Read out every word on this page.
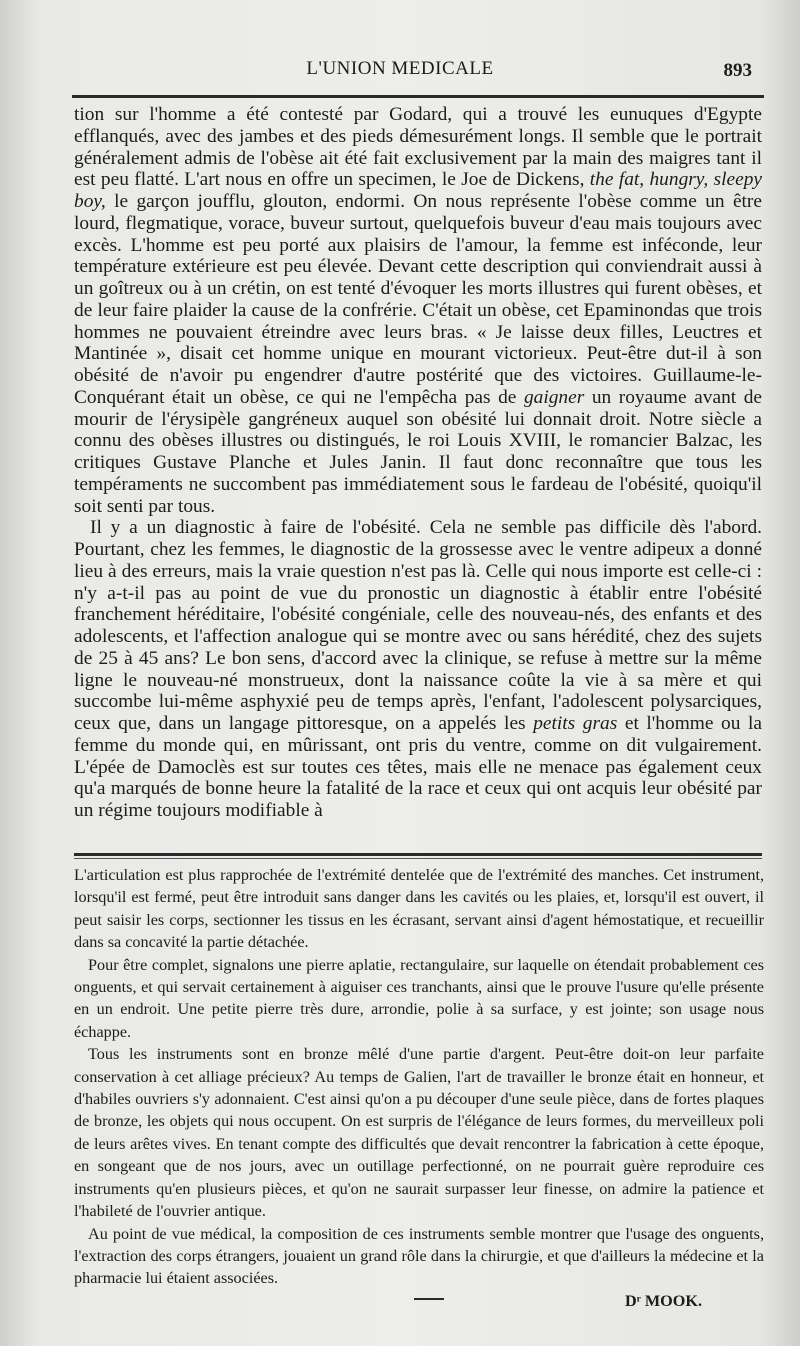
L'UNION MEDICALE	893

tion sur l'homme a été contesté par Godard, qui a trouvé les eunuques d'Egypte efflanqués, avec des jambes et des pieds démesurément longs. Il semble que le portrait généralement admis de l'obèse ait été fait exclusivement par la main des maigres tant il est peu flatté. L'art nous en offre un specimen, le Joe de Dickens, the fat, hungry, sleepy boy, le garçon joufflu, glouton, endormi. On nous représente l'obèse comme un être lourd, flegmatique, vorace, buveur surtout, quelquefois buveur d'eau mais toujours avec excès. L'homme est peu porté aux plaisirs de l'amour, la femme est inféconde, leur température extérieure est peu élevée. Devant cette description qui conviendrait aussi à un goîtreux ou à un crétin, on est tenté d'évoquer les morts illustres qui furent obèses, et de leur faire plaider la cause de la confrérie. C'était un obèse, cet Epaminondas que trois hommes ne pouvaient étreindre avec leurs bras. « Je laisse deux filles, Leuctres et Mantinée », disait cet homme unique en mourant victorieux. Peut-être dut-il à son obésité de n'avoir pu engendrer d'autre postérité que des victoires. Guillaume-le-Conquérant était un obèse, ce qui ne l'empêcha pas de gaigner un royaume avant de mourir de l'érysipèle gangréneux auquel son obésité lui donnait droit. Notre siècle a connu des obèses illustres ou distingués, le roi Louis XVIII, le romancier Balzac, les critiques Gustave Planche et Jules Janin. Il faut donc reconnaître que tous les tempéraments ne succombent pas immédiatement sous le fardeau de l'obésité, quoiqu'il soit senti par tous.

Il y a un diagnostic à faire de l'obésité. Cela ne semble pas difficile dès l'abord. Pourtant, chez les femmes, le diagnostic de la grossesse avec le ventre adipeux a donné lieu à des erreurs, mais la vraie question n'est pas là. Celle qui nous importe est celle-ci : n'y a-t-il pas au point de vue du pronostic un diagnostic à établir entre l'obésité franchement héréditaire, l'obésité congéniale, celle des nouveau-nés, des enfants et des adolescents, et l'affection analogue qui se montre avec ou sans hérédité, chez des sujets de 25 à 45 ans? Le bon sens, d'accord avec la clinique, se refuse à mettre sur la même ligne le nouveau-né monstrueux, dont la naissance coûte la vie à sa mère et qui succombe lui-même asphyxié peu de temps après, l'enfant, l'adolescent polysarciques, ceux que, dans un langage pittoresque, on a appelés les petits gras et l'homme ou la femme du monde qui, en mûrissant, ont pris du ventre, comme on dit vulgairement. L'épée de Damoclès est sur toutes ces têtes, mais elle ne menace pas également ceux qu'a marqués de bonne heure la fatalité de la race et ceux qui ont acquis leur obésité par un régime toujours modifiable à

L'articulation est plus rapprochée de l'extrémité dentelée que de l'extrémité des manches. Cet instrument, lorsqu'il est fermé, peut être introduit sans danger dans les cavités ou les plaies, et, lorsqu'il est ouvert, il peut saisir les corps, sectionner les tissus en les écrasant, servant ainsi d'agent hémostatique, et recueillir dans sa concavité la partie détachée.

Pour être complet, signalons une pierre aplatie, rectangulaire, sur laquelle on étendait probablement ces onguents, et qui servait certainement à aiguiser ces tranchants, ainsi que le prouve l'usure qu'elle présente en un endroit. Une petite pierre très dure, arrondie, polie à sa surface, y est jointe; son usage nous échappe.

Tous les instruments sont en bronze mêlé d'une partie d'argent. Peut-être doit-on leur parfaite conservation à cet alliage précieux? Au temps de Galien, l'art de travailler le bronze était en honneur, et d'habiles ouvriers s'y adonnaient. C'est ainsi qu'on a pu découper d'une seule pièce, dans de fortes plaques de bronze, les objets qui nous occupent. On est surpris de l'élégance de leurs formes, du merveilleux poli de leurs arêtes vives. En tenant compte des difficultés que devait rencontrer la fabrication à cette époque, en songeant que de nos jours, avec un outillage perfectionné, on ne pourrait guère reproduire ces instruments qu'en plusieurs pièces, et qu'on ne saurait surpasser leur finesse, on admire la patience et l'habileté de l'ouvrier antique.

Au point de vue médical, la composition de ces instruments semble montrer que l'usage des onguents, l'extraction des corps étrangers, jouaient un grand rôle dans la chirurgie, et que d'ailleurs la médecine et la pharmacie lui étaient associées.

Dʳ MOOK.
